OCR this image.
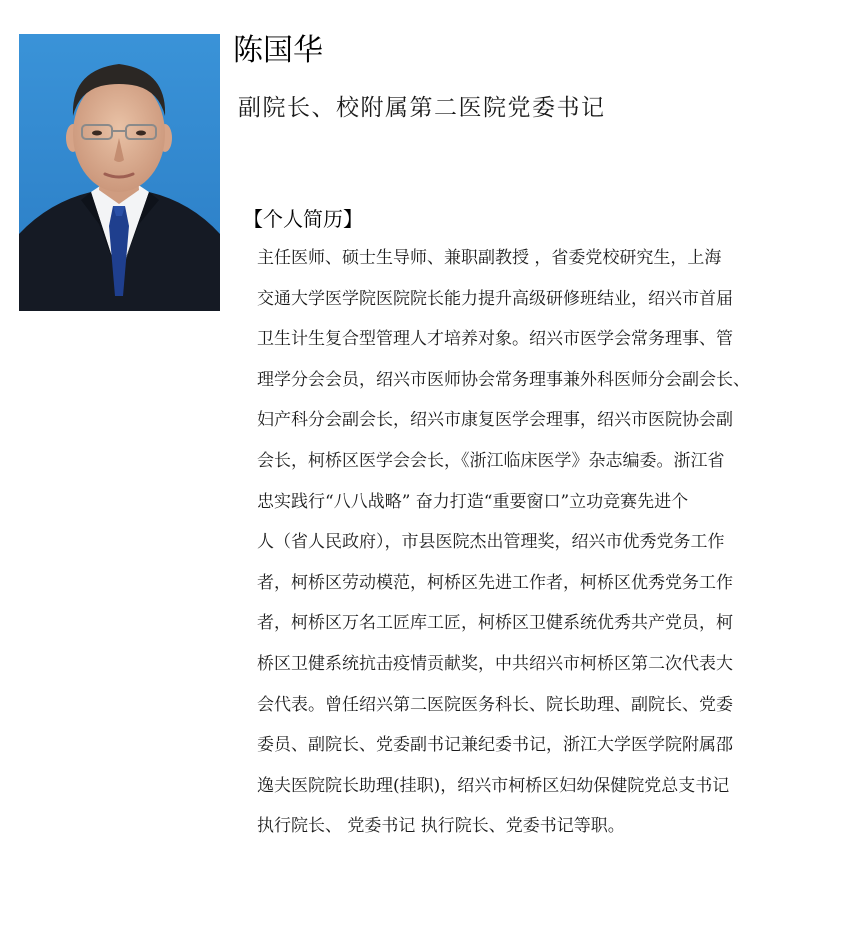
陈国华
副院长、校附属第二医院党委书记
【个人简历】
主任医师、硕士生导师、兼职副教授 ，省委党校研究生，上海
交通大学医学院医院院长能力提升高级研修班结业，绍兴市首届
卫生计生复合型管理人才培养对象。绍兴市医学会常务理事、管
理学分会会员，绍兴市医师协会常务理事兼外科医师分会副会长、
妇产科分会副会长，绍兴市康复医学会理事，绍兴市医院协会副
会长，柯桥区医学会会长，《浙江临床医学》杂志编委。浙江省
忠实践行“八八战略” 奋力打造“重要窗口”立功竞赛先进个
人（省人民政府），市县医院杰出管理奖，绍兴市优秀党务工作
者，柯桥区劳动模范，柯桥区先进工作者，柯桥区优秀党务工作
者，柯桥区万名工匠库工匠，柯桥区卫健系统优秀共产党员，柯
桥区卫健系统抗击疫情贡献奖，中共绍兴市柯桥区第二次代表大
会代表。曾任绍兴第二医院医务科长、院长助理、副院长、党委
委员、副院长、党委副书记兼纪委书记，浙江大学医学院附属邵
逸夫医院院长助理(挂职)，绍兴市柯桥区妇幼保健院党总支书记
执行院长、 党委书记 执行院长、党委书记等职。
